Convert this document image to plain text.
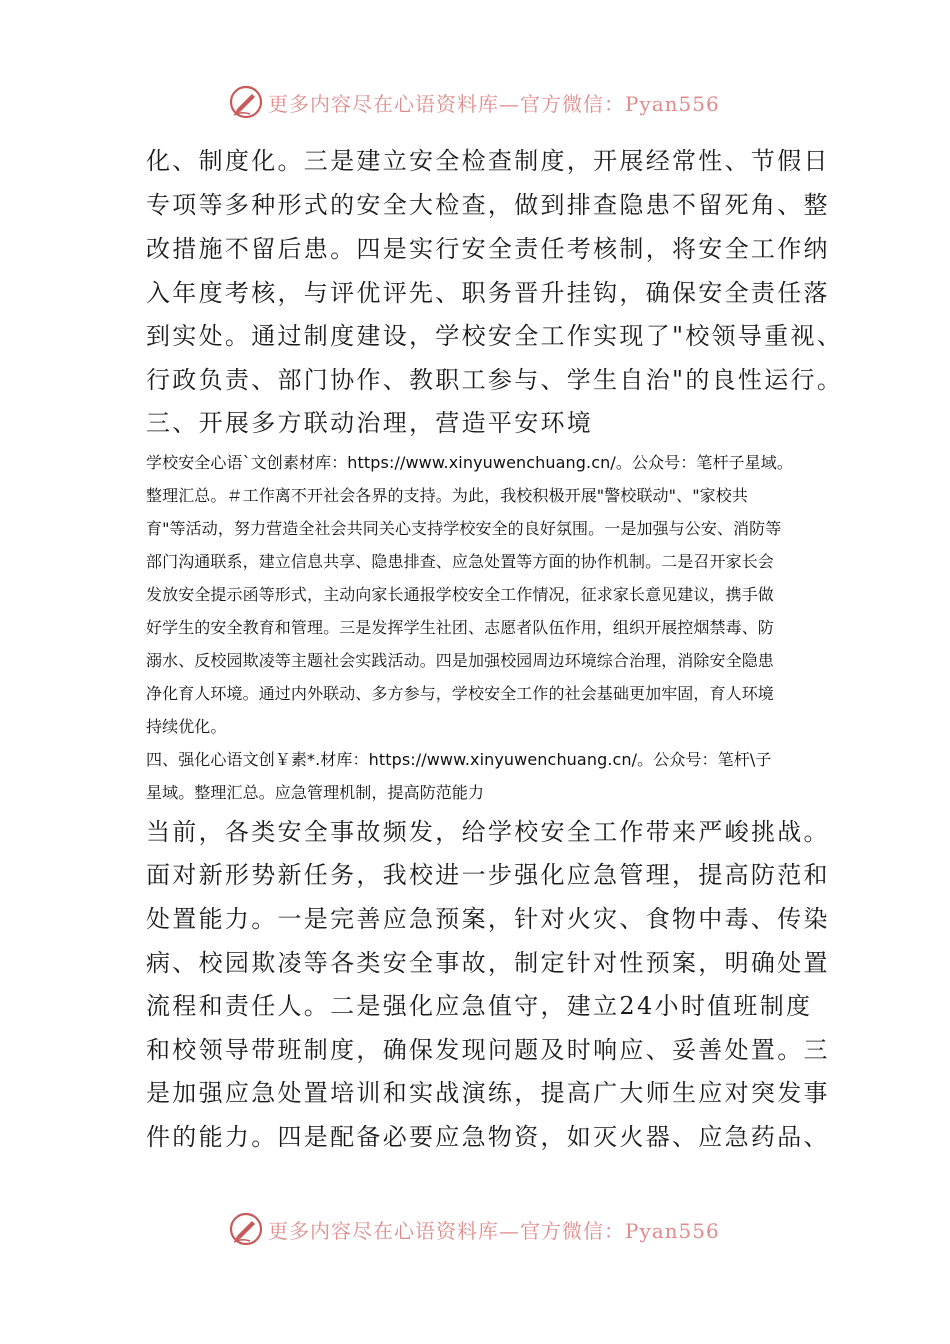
更多内容尽在心语资料库—官方微信：Pyan556
化、制度化。三是建立安全检查制度，开展经常性、节假日
专项等多种形式的安全大检查，做到排查隐患不留死角、整
改措施不留后患。四是实行安全责任考核制，将安全工作纳
入年度考核，与评优评先、职务晋升挂钩，确保安全责任落
到实处。通过制度建设，学校安全工作实现了"校领导重视、
行政负责、部门协作、教职工参与、学生自治"的良性运行。
三、开展多方联动治理，营造平安环境
学校安全心语`文创素材库：https://www.xinyuwenchuang.cn/。公众号：笔杆子星域。
整理汇总。＃工作离不开社会各界的支持。为此，我校积极开展"警校联动"、"家校共
育"等活动，努力营造全社会共同关心支持学校安全的良好氛围。一是加强与公安、消防等
部门沟通联系，建立信息共享、隐患排查、应急处置等方面的协作机制。二是召开家长会
发放安全提示函等形式，主动向家长通报学校安全工作情况，征求家长意见建议，携手做
好学生的安全教育和管理。三是发挥学生社团、志愿者队伍作用，组织开展控烟禁毒、防
溺水、反校园欺凌等主题社会实践活动。四是加强校园周边环境综合治理，消除安全隐患
净化育人环境。通过内外联动、多方参与，学校安全工作的社会基础更加牢固，育人环境
持续优化。
四、强化心语文创￥素*.材库：https://www.xinyuwenchuang.cn/。公众号：笔杆\子
星域。整理汇总。应急管理机制，提高防范能力
当前，各类安全事故频发，给学校安全工作带来严峻挑战。
面对新形势新任务，我校进一步强化应急管理，提高防范和
处置能力。一是完善应急预案，针对火灾、食物中毒、传染
病、校园欺凌等各类安全事故，制定针对性预案，明确处置
流程和责任人。二是强化应急值守，建立24小时值班制度
和校领导带班制度，确保发现问题及时响应、妥善处置。三
是加强应急处置培训和实战演练，提高广大师生应对突发事
件的能力。四是配备必要应急物资，如灭火器、应急药品、
更多内容尽在心语资料库—官方微信：Pyan556
